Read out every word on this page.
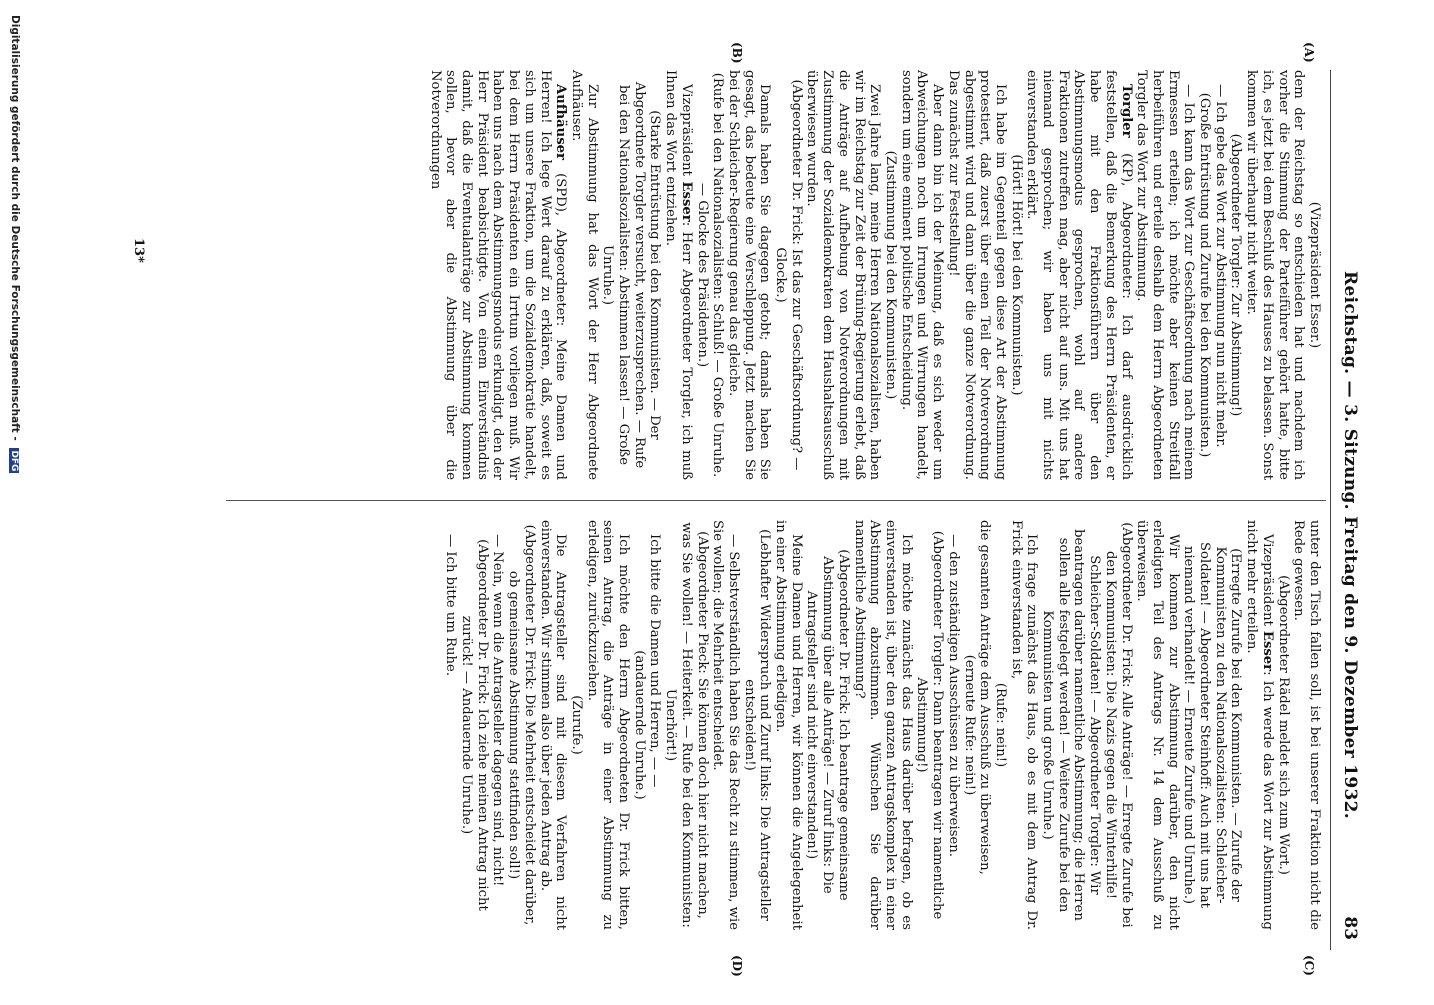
Reichstag. — 3. Sitzung. Freitag den 9. Dezember 1932.
83
(A)
(B)
(C)
(D)

(Vizepräsident Esser.)

dem der Reichstag so entschieden hat und nachdem ich vorher die Stimmung der Parteiführer gehört hatte, bitte ich, es jetzt bei dem Beschluß des Hauses zu belassen. Sonst kommen wir überhaupt nicht weiter.

(Abgeordneter Torgler: Zur Abstimmung!)

— Ich gebe das Wort zur Abstimmung nun nicht mehr.

(Große Entrüstung und Zurufe bei den Kommunisten.)

— Ich kann das Wort zur Geschäftsordnung nach meinem Ermessen erteilen; ich möchte aber keinen Streitfall herbeiführen und erteile deshalb dem Herrn Abgeordneten Torgler das Wort zur Abstimmung.

Torgler (KP), Abgeordneter: Ich darf ausdrücklich feststellen, daß die Bemerkung des Herrn Präsidenten, er habe mit den Fraktionsführern über den Abstimmungsmodus gesprochen, wohl auf andere Fraktionen zutreffen mag, aber nicht auf uns. Mit uns hat niemand gesprochen; wir haben uns mit nichts einverstanden erklärt.

(Hört! Hört! bei den Kommunisten.)

Ich habe im Gegenteil gegen diese Art der Abstimmung protestiert, daß zuerst über einen Teil der Notverordnung abgestimmt wird und dann über die ganze Notverordnung. Das zunächst zur Feststellung!

Aber dann bin ich der Meinung, daß es sich weder um Abweichungen noch um Irrungen und Wirrungen handelt, sondern um eine eminent politische Entscheidung.

(Zustimmung bei den Kommunisten.)

Zwei Jahre lang, meine Herren Nationalsozialisten, haben wir im Reichstag zur Zeit der Brüning-Regierung erlebt, daß die Anträge auf Aufhebung von Notverordnungen mit Zustimmung der Sozialdemokraten dem Haushaltsausschuß überwiesen wurden.

(Abgeordneter Dr. Frick: Ist das zur Geschäftsordnung? — Glocke.)

Damals haben Sie dagegen getobt; damals haben Sie gesagt, das bedeute eine Verschleppung. Jetzt machen Sie bei der Schleicher-Regierung genau das gleiche.

(Rufe bei den Nationalsozialisten: Schluß! — Große Unruhe. — Glocke des Präsidenten.)

Vizepräsident Esser: Herr Abgeordneter Torgler, ich muß Ihnen das Wort entziehen.

(Starke Entrüstung bei den Kommunisten. — Der Abgeordnete Torgler versucht, weiterzusprechen. — Rufe bei den Nationalsozialisten: Abstimmen lassen! — Große Unruhe.)

Zur Abstimmung hat das Wort der Herr Abgeordnete Aufhäuser.

Aufhäuser (SPD), Abgeordneter: Meine Damen und Herren! Ich lege Wert darauf zu erklären, daß, soweit es sich um unsere Fraktion, um die Sozialdemokratie handelt, bei dem Herrn Präsidenten ein Irrtum vorliegen muß. Wir haben uns nach dem Abstimmungsmodus erkundigt, den der Herr Präsident beabsichtigte. Von einem Einverständnis damit, daß die Eventualanträge zur Abstimmung kommen sollen, bevor aber die Abstimmung über die Notverordnungen

unter den Tisch fallen soll, ist bei unserer Fraktion nicht die Rede gewesen.

(Abgeordneter Rädel meldet sich zum Wort.)

Vizepräsident Esser: Ich werde das Wort zur Abstimmung nicht mehr erteilen.

(Erregte Zurufe bei den Kommunisten. — Zurufe der Kommunisten zu den Nationalsozialisten: Schleicher-Soldaten! — Abgeordneter Steinhoff: Auch mit uns hat niemand verhandelt! — Erneute Zurufe und Unruhe.)

Wir kommen zur Abstimmung darüber, den nicht erledigten Teil des Antrags Nr. 14 dem Ausschuß zu überweisen.

(Abgeordneter Dr. Frick: Alle Anträge! — Erregte Zurufe bei den Kommunisten: Die Nazis gegen die Winterhilfe! Schleicher-Soldaten! — Abgeordneter Torgler: Wir beantragen darüber namentliche Abstimmung; die Herren sollen alle festgelegt werden! — Weitere Zurufe bei den Kommunisten und große Unruhe.)

Ich frage zunächst das Haus, ob es mit dem Antrag Dr. Frick einverstanden ist,

(Rufe: nein!)

die gesamten Anträge dem Ausschuß zu überweisen,

(erneute Rufe: nein!)

— den zuständigen Ausschüssen zu überweisen.

(Abgeordneter Torgler: Dann beantragen wir namentliche Abstimmung!)

Ich möchte zunächst das Haus darüber befragen, ob es einverstanden ist, über den ganzen Antragskomplex in einer Abstimmung abzustimmen. Wünschen Sie darüber namentliche Abstimmung?

(Abgeordneter Dr. Frick: Ich beantrage gemeinsame Abstimmung über alle Anträge! — Zuruf links: Die Antragsteller sind nicht einverstanden!)

Meine Damen und Herren, wir können die Angelegenheit in einer Abstimmung erledigen.

(Lebhafter Widerspruch und Zuruf links: Die Antragsteller entscheiden!)

— Selbstverständlich haben Sie das Recht zu stimmen, wie Sie wollen; die Mehrheit entscheidet.

(Abgeordneter Pieck: Sie können doch hier nicht machen, was Sie wollen! — Heiterkeit. — Rufe bei den Kommunisten: Unerhört!)

Ich bitte die Damen und Herren, — —

(andauernde Unruhe.)

Ich möchte den Herrn Abgeordneten Dr. Frick bitten, seinen Antrag, die Anträge in einer Abstimmung zu erledigen, zurückzuziehen.

(Zurufe.)

Die Antragsteller sind mit diesem Verfahren nicht einverstanden. Wir stimmen also über jeden Antrag ab.

(Abgeordneter Dr. Frick: Die Mehrheit entscheidet darüber, ob gemeinsame Abstimmung stattfinden soll!)

— Nein, wenn die Antragsteller dagegen sind, nicht!

(Abgeordneter Dr. Frick: Ich ziehe meinen Antrag nicht zurück! — Andauernde Unruhe.)

— Ich bitte um Ruhe.

13*
Digitalisierung gefördert durch die Deutsche Forschungsgemeinschaft - DFG
